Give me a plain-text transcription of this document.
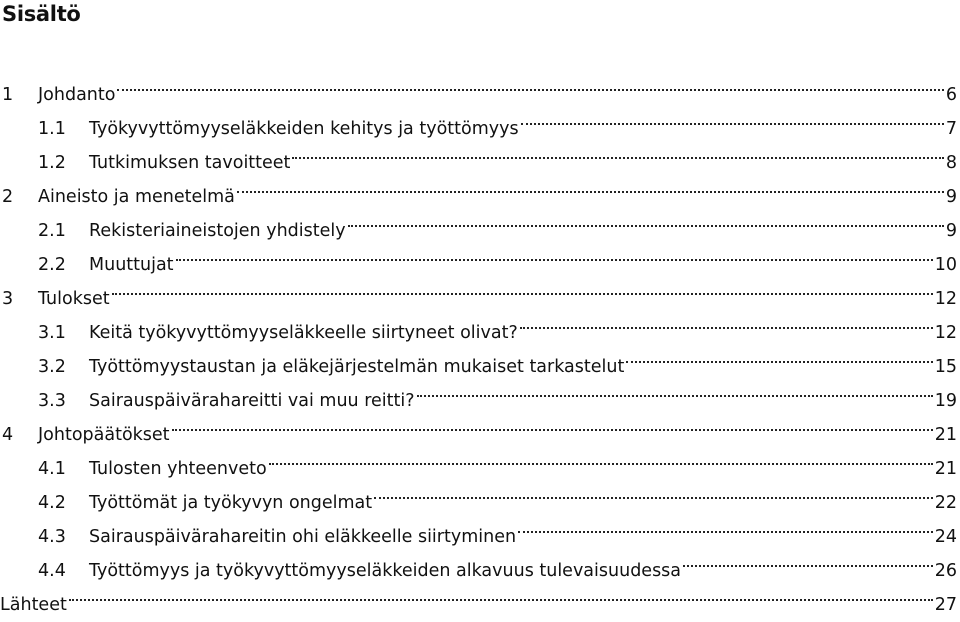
Sisältö
1	Johdanto	6
1.1	Työkyvyttömyyseläkkeiden kehitys ja työttömyys	7
1.2	Tutkimuksen tavoitteet	8
2	Aineisto ja menetelmä	9
2.1	Rekisteriaineistojen yhdistely	9
2.2	Muuttujat	10
3	Tulokset	12
3.1	Keitä työkyvyttömyyseläkkeelle siirtyneet olivat?	12
3.2	Työttömyystaustan ja eläkejärjestelmän mukaiset tarkastelut	15
3.3	Sairauspäivärahareitti vai muu reitti?	19
4	Johtopäätökset	21
4.1	Tulosten yhteenveto	21
4.2	Työttömät ja työkyvyn ongelmat	22
4.3	Sairauspäivärahareitin ohi eläkkeelle siirtyminen	24
4.4	Työttömyys ja työkyvyttömyyseläkkeiden alkavuus tulevaisuudessa	26
Lähteet	27
